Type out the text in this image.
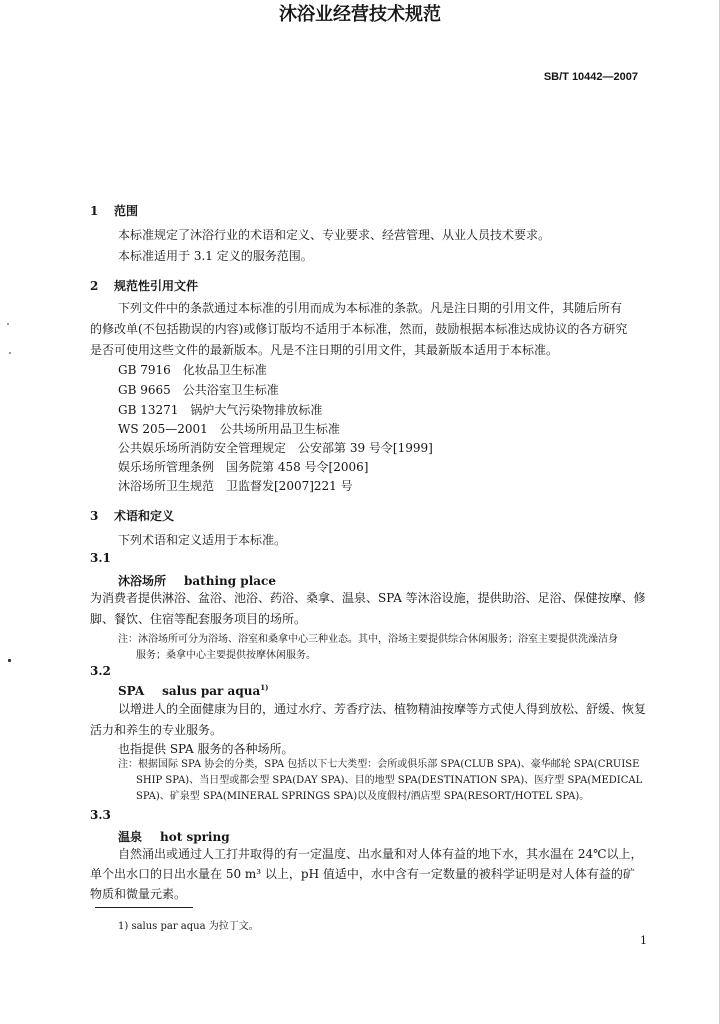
SB/T 10442—2007
沐浴业经营技术规范
1 范围
本标准规定了沐浴行业的术语和定义、专业要求、经营管理、从业人员技术要求。
本标准适用于 3.1 定义的服务范围。
2 规范性引用文件
下列文件中的条款通过本标准的引用而成为本标准的条款。凡是注日期的引用文件，其随后所有
的修改单(不包括勘误的内容)或修订版均不适用于本标准，然而，鼓励根据本标准达成协议的各方研究
是否可使用这些文件的最新版本。凡是不注日期的引用文件，其最新版本适用于本标准。
GB 7916　化妆品卫生标准
GB 9665　公共浴室卫生标准
GB 13271　锅炉大气污染物排放标准
WS 205—2001　公共场所用品卫生标准
公共娱乐场所消防安全管理规定　公安部第 39 号令[1999]
娱乐场所管理条例　国务院第 458 号令[2006]
沐浴场所卫生规范　卫监督发[2007]221 号
3 术语和定义
下列术语和定义适用于本标准。
3.1
沐浴场所 bathing place
为消费者提供淋浴、盆浴、池浴、药浴、桑拿、温泉、SPA 等沐浴设施，提供助浴、足浴、保健按摩、修
脚、餐饮、住宿等配套服务项目的场所。
注：沐浴场所可分为浴场、浴室和桑拿中心三种业态。其中，浴场主要提供综合休闲服务；浴室主要提供洗澡洁身
服务；桑拿中心主要提供按摩休闲服务。
3.2
SPA salus par aqua$^{1)}$
以增进人的全面健康为目的，通过水疗、芳香疗法、植物精油按摩等方式使人得到放松、舒缓、恢复
活力和养生的专业服务。
也指提供 SPA 服务的各种场所。
注：根据国际 SPA 协会的分类，SPA 包括以下七大类型：会所或俱乐部 SPA(CLUB SPA)、豪华邮轮 SPA(CRUISE
SHIP SPA)、当日型或都会型 SPA(DAY SPA)、目的地型 SPA(DESTINATION SPA)、医疗型 SPA(MEDICAL
SPA)、矿泉型 SPA(MINERAL SPRINGS SPA)以及度假村/酒店型 SPA(RESORT/HOTEL SPA)。
3.3
温泉 hot spring
自然涌出或通过人工打井取得的有一定温度、出水量和对人体有益的地下水，其水温在 24℃以上，
单个出水口的日出水量在 50 m³ 以上，pH 值适中，水中含有一定数量的被科学证明是对人体有益的矿
物质和微量元素。
1) salus par aqua 为拉丁文。
1
